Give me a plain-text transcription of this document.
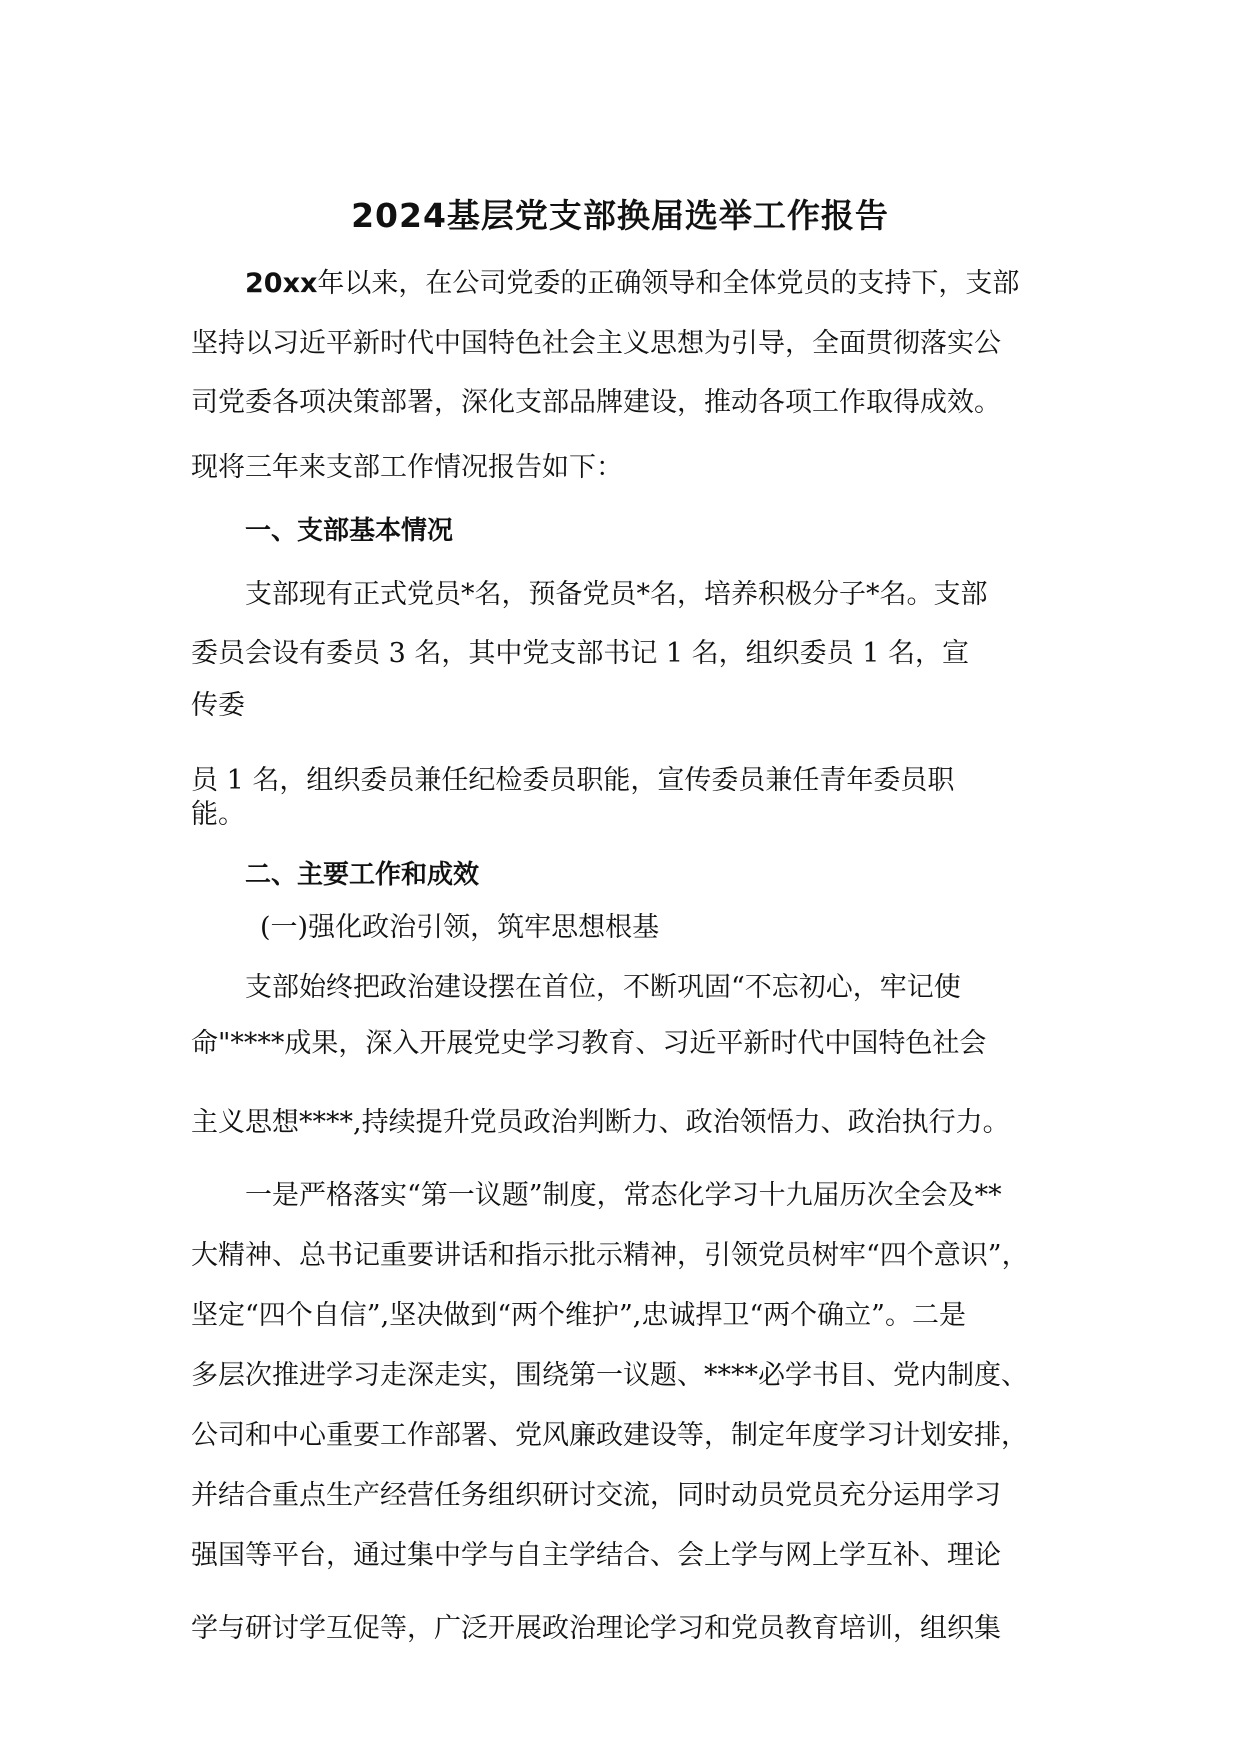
2024基层党支部换届选举工作报告

20xx年以来，在公司党委的正确领导和全体党员的支持下，支部

坚持以习近平新时代中国特色社会主义思想为引导，全面贯彻落实公

司党委各项决策部署，深化支部品牌建设，推动各项工作取得成效。

现将三年来支部工作情况报告如下：

一、支部基本情况

支部现有正式党员*名，预备党员*名，培养积极分子*名。支部

委员会设有委员 3 名，其中党支部书记 1 名，组织委员 1 名，宣

传委

员 1 名，组织委员兼任纪检委员职能，宣传委员兼任青年委员职

能。

二、主要工作和成效

(一)强化政治引领，筑牢思想根基

支部始终把政治建设摆在首位，不断巩固“不忘初心，牢记使

命"****成果，深入开展党史学习教育、习近平新时代中国特色社会

主义思想****,持续提升党员政治判断力、政治领悟力、政治执行力。

一是严格落实“第一议题”制度，常态化学习十九届历次全会及**

大精神、总书记重要讲话和指示批示精神，引领党员树牢“四个意识”，

坚定“四个自信”,坚决做到“两个维护”,忠诚捍卫“两个确立”。二是

多层次推进学习走深走实，围绕第一议题、****必学书目、党内制度、

公司和中心重要工作部署、党风廉政建设等，制定年度学习计划安排，

并结合重点生产经营任务组织研讨交流，同时动员党员充分运用学习

强国等平台，通过集中学与自主学结合、会上学与网上学互补、理论

学与研讨学互促等，广泛开展政治理论学习和党员教育培训，组织集
